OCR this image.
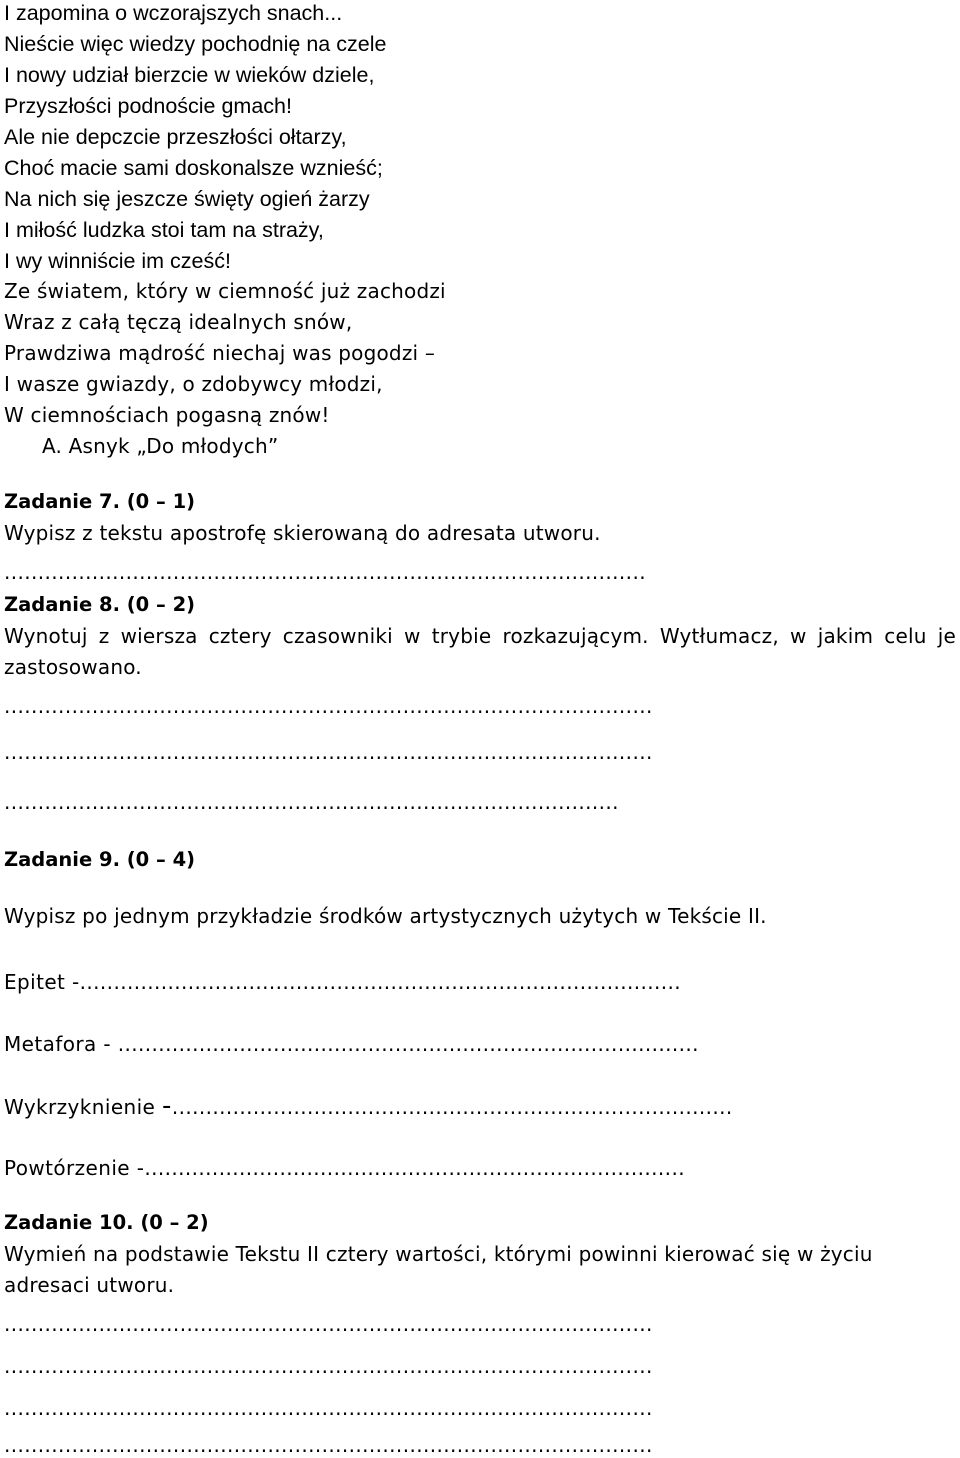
I zapomina o wczorajszych snach...
Nieście więc wiedzy pochodnię na czele
I nowy udział bierzcie w wieków dziele,
Przyszłości podnoście gmach!
Ale nie depczcie przeszłości ołtarzy,
Choć macie sami doskonalsze wznieść;
Na nich się jeszcze święty ogień żarzy
I miłość ludzka stoi tam na straży,
I wy winniście im cześć!
Ze światem, który w ciemność już zachodzi
Wraz z całą tęczą idealnych snów,
Prawdziwa mądrość niechaj was pogodzi –
I wasze gwiazdy, o zdobywcy młodzi,
W ciemnościach pogasną znów!
A. Asnyk „Do młodych”
Zadanie 7. (0 – 1)
Wypisz z tekstu apostrofę skierowaną do adresata utworu.
...............................................................................................
Zadanie 8. (0 – 2)
Wynotuj z wiersza cztery czasowniki w trybie rozkazującym. Wytłumacz, w jakim celu je
zastosowano.
................................................................................................
................................................................................................
...........................................................................................
Zadanie 9. (0 – 4)
Wypisz po jednym przykładzie środków artystycznych użytych w Tekście II.
Epitet -.........................................................................................
Metafora - ......................................................................................
Wykrzyknienie -...................................................................................
Powtórzenie -................................................................................
Zadanie 10. (0 – 2)
Wymień na podstawie Tekstu II cztery wartości, którymi powinni kierować się w życiu
adresaci utworu.
................................................................................................
................................................................................................
................................................................................................
................................................................................................
